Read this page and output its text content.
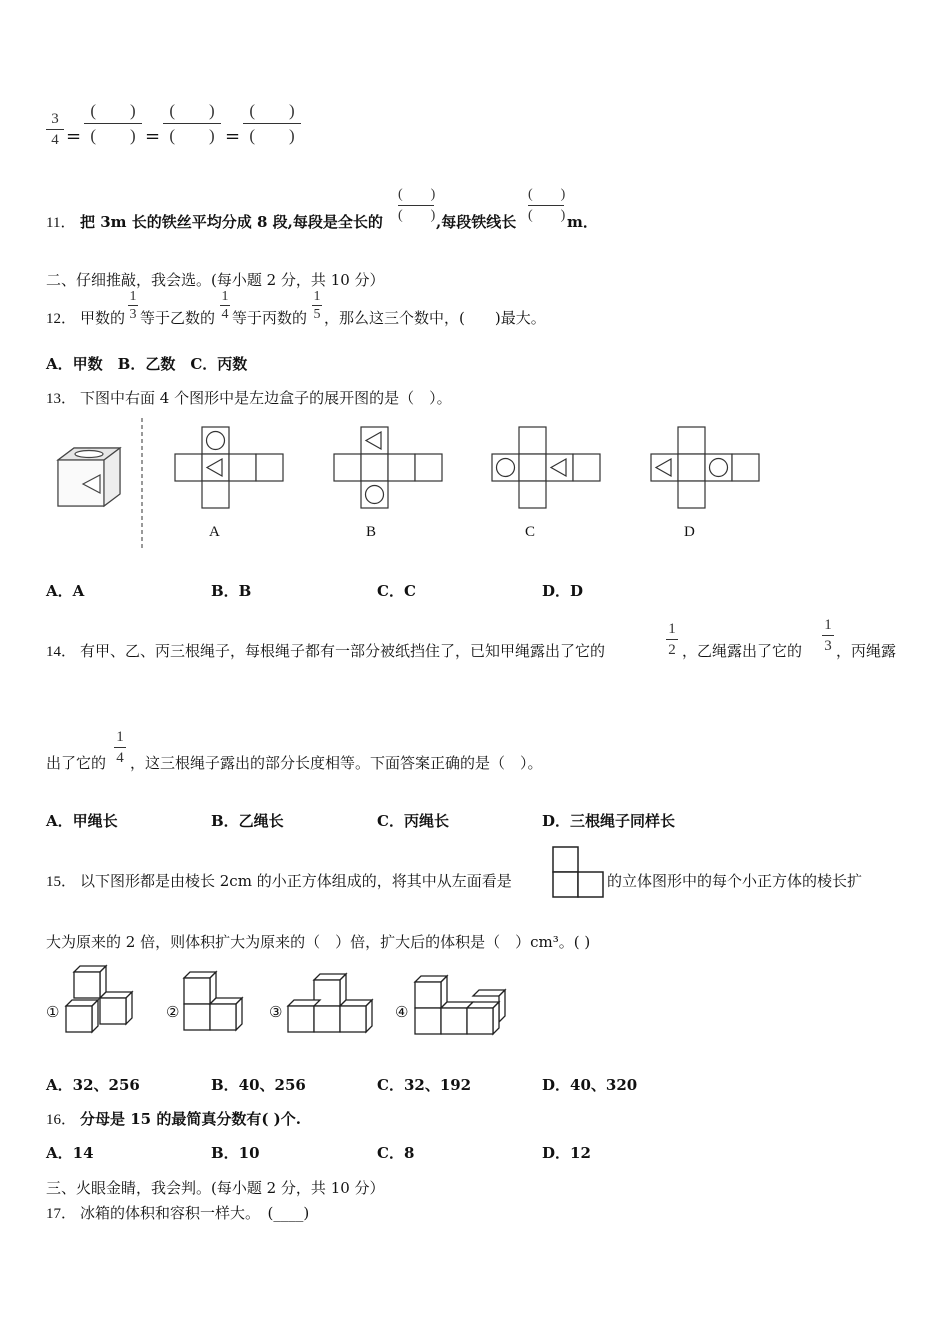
3
4 =
(　　)
(　　) =
(　　)
(　　) =
(　　)
(　　)
11． 把 3m 长的铁丝平均分成 8 段,每段是全长的
(　　)
(　　) ,每段铁线长
(　　)
(　　) m．
二、仔细推敲，我会选。(每小题 2 分，共 10 分）
12． 甲数的
1
3 等于乙数的
1
4 等于丙数的
1
5 ，那么这三个数中，(　　)最大。
A．甲数　B．乙数　C．丙数
13． 下图中右面 4 个图形中是左边盒子的展开图的是（　）。
A	B	C	D
A．A	B．B	C．C	D．D
14． 有甲、乙、丙三根绳子，每根绳子都有一部分被纸挡住了，已知甲绳露出了它的
1
2 ，乙绳露出了它的
1
3 ，丙绳露
出了它的
1
4 ，这三根绳子露出的部分长度相等。下面答案正确的是（　）。
A．甲绳长	B．乙绳长	C．丙绳长	D．三根绳子同样长
15． 以下图形都是由棱长 2cm 的小正方体组成的，将其中从左面看是	的立体图形中的每个小正方体的棱长扩
大为原来的 2 倍，则体积扩大为原来的（　）倍，扩大后的体积是（　）cm³。( )
①	②	③	④
A．32、256	B．40、256	C．32、192	D．40、320
16． 分母是 15 的最简真分数有( )个.
A．14	B．10	C．8	D．12
三、火眼金睛，我会判。(每小题 2 分，共 10 分）
17． 冰箱的体积和容积一样大。　(____)
